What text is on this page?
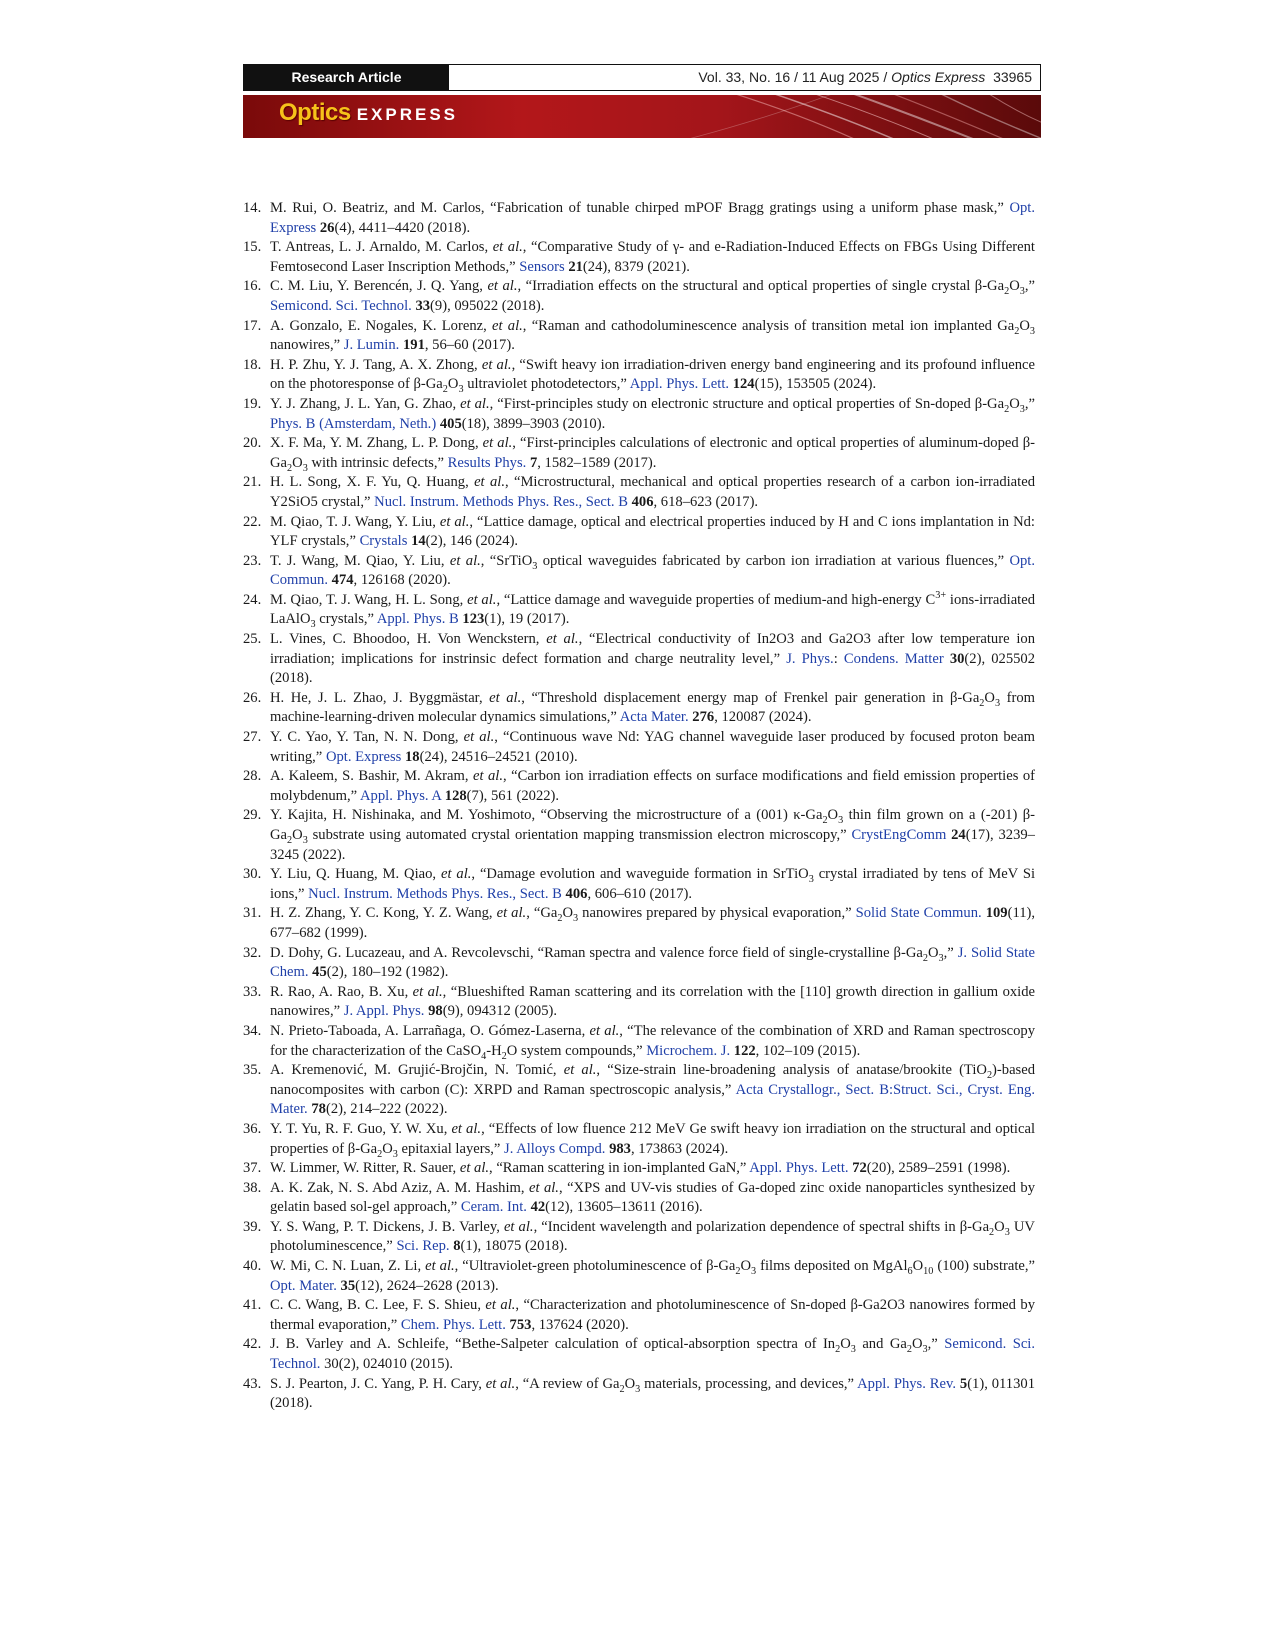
Research Article	Vol. 33, No. 16 / 11 Aug 2025 / Optics Express 33965
Optics EXPRESS
14. M. Rui, O. Beatriz, and M. Carlos, “Fabrication of tunable chirped mPOF Bragg gratings using a uniform phase mask,” Opt. Express 26(4), 4411–4420 (2018).
15. T. Antreas, L. J. Arnaldo, M. Carlos, et al., “Comparative Study of γ- and e-Radiation-Induced Effects on FBGs Using Different Femtosecond Laser Inscription Methods,” Sensors 21(24), 8379 (2021).
16. C. M. Liu, Y. Berencén, J. Q. Yang, et al., “Irradiation effects on the structural and optical properties of single crystal $\beta-Ga_2O_3$,” Semicond. Sci. Technol. 33(9), 095022 (2018).
17. A. Gonzalo, E. Nogales, K. Lorenz, et al., “Raman and cathodoluminescence analysis of transition metal ion implanted $Ga_2O_3$ nanowires,” J. Lumin. 191, 56–60 (2017).
18. H. P. Zhu, Y. J. Tang, A. X. Zhong, et al., “Swift heavy ion irradiation-driven energy band engineering and its profound influence on the photoresponse of $\beta-Ga_2O_3$ ultraviolet photodetectors,” Appl. Phys. Lett. 124(15), 153505 (2024).
19. Y. J. Zhang, J. L. Yan, G. Zhao, et al., “First-principles study on electronic structure and optical properties of Sn-doped $\beta-Ga_2O_3$,” Phys. B (Amsterdam, Neth.) 405(18), 3899–3903 (2010).
20. X. F. Ma, Y. M. Zhang, L. P. Dong, et al., “First-principles calculations of electronic and optical properties of aluminum-doped $\beta-Ga_2O_3$ with intrinsic defects,” Results Phys. 7, 1582–1589 (2017).
21. H. L. Song, X. F. Yu, Q. Huang, et al., “Microstructural, mechanical and optical properties research of a carbon ion-irradiated Y2SiO5 crystal,” Nucl. Instrum. Methods Phys. Res., Sect. B 406, 618–623 (2017).
22. M. Qiao, T. J. Wang, Y. Liu, et al., “Lattice damage, optical and electrical properties induced by H and C ions implantation in Nd: YLF crystals,” Crystals 14(2), 146 (2024).
23. T. J. Wang, M. Qiao, Y. Liu, et al., “SrTiO$_3$ optical waveguides fabricated by carbon ion irradiation at various fluences,” Opt. Commun. 474, 126168 (2020).
24. M. Qiao, T. J. Wang, H. L. Song, et al., “Lattice damage and waveguide properties of medium-and high-energy $C^{3+}$ ions-irradiated LaAlO$_3$ crystals,” Appl. Phys. B 123(1), 19 (2017).
25. L. Vines, C. Bhoodoo, H. Von Wenckstern, et al., “Electrical conductivity of In2O3 and Ga2O3 after low temperature ion irradiation; implications for instrinsic defect formation and charge neutrality level,” J. Phys.: Condens. Matter 30(2), 025502 (2018).
26. H. He, J. L. Zhao, J. Byggmästar, et al., “Threshold displacement energy map of Frenkel pair generation in $\beta-Ga_2O_3$ from machine-learning-driven molecular dynamics simulations,” Acta Mater. 276, 120087 (2024).
27. Y. C. Yao, Y. Tan, N. N. Dong, et al., “Continuous wave Nd: YAG channel waveguide laser produced by focused proton beam writing,” Opt. Express 18(24), 24516–24521 (2010).
28. A. Kaleem, S. Bashir, M. Akram, et al., “Carbon ion irradiation effects on surface modifications and field emission properties of molybdenum,” Appl. Phys. A 128(7), 561 (2022).
29. Y. Kajita, H. Nishinaka, and M. Yoshimoto, “Observing the microstructure of a (001) $\kappa-Ga_2O_3$ thin film grown on a (-201) $\beta-Ga_2O_3$ substrate using automated crystal orientation mapping transmission electron microscopy,” CrystEngComm 24(17), 3239–3245 (2022).
30. Y. Liu, Q. Huang, M. Qiao, et al., “Damage evolution and waveguide formation in SrTiO$_3$ crystal irradiated by tens of MeV Si ions,” Nucl. Instrum. Methods Phys. Res., Sect. B 406, 606–610 (2017).
31. H. Z. Zhang, Y. C. Kong, Y. Z. Wang, et al., “$Ga_2O_3$ nanowires prepared by physical evaporation,” Solid State Commun. 109(11), 677–682 (1999).
32. D. Dohy, G. Lucazeau, and A. Revcolevschi, “Raman spectra and valence force field of single-crystalline $\beta-Ga_2O_3$,” J. Solid State Chem. 45(2), 180–192 (1982).
33. R. Rao, A. Rao, B. Xu, et al., “Blueshifted Raman scattering and its correlation with the [110] growth direction in gallium oxide nanowires,” J. Appl. Phys. 98(9), 094312 (2005).
34. N. Prieto-Taboada, A. Larrañaga, O. Gómez-Laserna, et al., “The relevance of the combination of XRD and Raman spectroscopy for the characterization of the $CaSO_4-H_2O$ system compounds,” Microchem. J. 122, 102–109 (2015).
35. A. Kremenović, M. Grujić-Brojčin, N. Tomić, et al., “Size-strain line-broadening analysis of anatase/brookite (TiO$_2$)-based nanocomposites with carbon (C): XRPD and Raman spectroscopic analysis,” Acta Crystallogr., Sect. B:Struct. Sci., Cryst. Eng. Mater. 78(2), 214–222 (2022).
36. Y. T. Yu, R. F. Guo, Y. W. Xu, et al., “Effects of low fluence 212 MeV Ge swift heavy ion irradiation on the structural and optical properties of $\beta-Ga_2O_3$ epitaxial layers,” J. Alloys Compd. 983, 173863 (2024).
37. W. Limmer, W. Ritter, R. Sauer, et al., “Raman scattering in ion-implanted GaN,” Appl. Phys. Lett. 72(20), 2589–2591 (1998).
38. A. K. Zak, N. S. Abd Aziz, A. M. Hashim, et al., “XPS and UV-vis studies of Ga-doped zinc oxide nanoparticles synthesized by gelatin based sol-gel approach,” Ceram. Int. 42(12), 13605–13611 (2016).
39. Y. S. Wang, P. T. Dickens, J. B. Varley, et al., “Incident wavelength and polarization dependence of spectral shifts in $\beta-Ga_2O_3$ UV photoluminescence,” Sci. Rep. 8(1), 18075 (2018).
40. W. Mi, C. N. Luan, Z. Li, et al., “Ultraviolet-green photoluminescence of $\beta-Ga_2O_3$ films deposited on $MgAl_6O_{10}$ (100) substrate,” Opt. Mater. 35(12), 2624–2628 (2013).
41. C. C. Wang, B. C. Lee, F. S. Shieu, et al., “Characterization and photoluminescence of Sn-doped β-Ga2O3 nanowires formed by thermal evaporation,” Chem. Phys. Lett. 753, 137624 (2020).
42. J. B. Varley and A. Schleife, “Bethe-Salpeter calculation of optical-absorption spectra of $In_2O_3$ and $Ga_2O_3$,” Semicond. Sci. Technol. 30(2), 024010 (2015).
43. S. J. Pearton, J. C. Yang, P. H. Cary, et al., “A review of $Ga_2O_3$ materials, processing, and devices,” Appl. Phys. Rev. 5(1), 011301 (2018).
